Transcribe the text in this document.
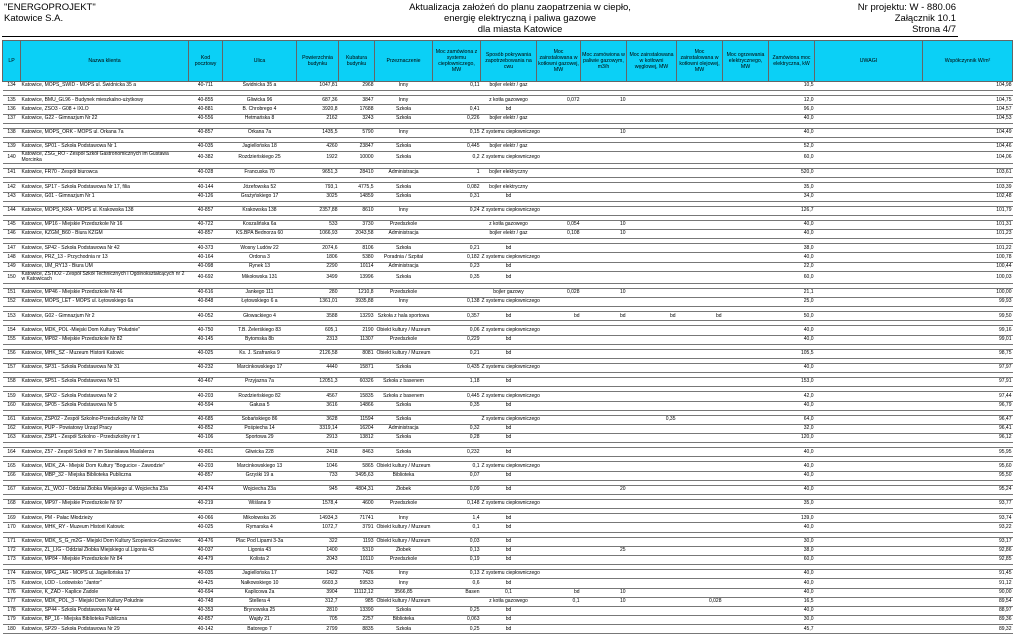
"ENERGOPROJEKT"
Katowice S.A.
Aktualizacja założeń do planu zaopatrzenia w ciepło,
energię elektryczną i paliwa gazowe
dla miasta Katowice
Nr projektu: W - 880.06
Załącznik 10.1
Strona 4/7
LP	Nazwa klienta	Kod pocztowy	Ulica	Powierzchnia budynku	Kubatura budynku	Przeznaczenie	Moc zamówiona z systemu ciepłowniczego, MW	Sposób pokrywania zapotrzebowania na cwu	Moc zainstalowana w kotłowni gazowej, MW	Moc zamówiona w paliwie gazowym, m3/h	Moc zainstalowana w kotłowni węglowej, MW	Moc zainstalowana w kotłowni olejowej, MW	Moc ogrzewania elektrycznego, MW	Zamówiona moc elektryczna, kW	UWAGI	Współczynnik W/m²
134	Katowice, MOPS_SWID - MOPS ul. Świdnicka 35 a	40-711	Świdnicka 35 a	1047,81	2968	Inny	0,11	bojler elektr / gaz						10,5		104,98

135	Katowice, BMU_GL96 - Budynek mieszkalno-użytkowy	40-855	Gliwicka 96	687,36	3847	Inny		z kotła gazowego	0,072	10				12,0		104,75
136	Katowice, ZSO3 - G08 + IXLO	40-881	B. Chrobrego 4	3920,8	17688	Szkoła	0,41	bd						96,0		104,57
137	Katowice, G22 - Gimnazjum Nr 22	40-556	Hetmańska 8	2162	3243	Szkoła	0,226	bojler elektr / gaz						40,0		104,53

138	Katowice, MOPS_ORK - MOPS ul. Orkana 7a	40-857	Orkana 7a	1435,5	5790	Inny	0,15	Z systemu ciepłowniczego		10				40,0		104,49

139	Katowice, SP01 - Szkoła Podstawowa Nr 1	40-035	Jagiellońska 18	4260	23847	Szkoła	0,445	bojler elektr / gaz						52,0		104,46
140	Katowice, ZSG_RO - Zespół Szkół Gastronomicznych im Gustawa Morcinka	40-382	Rozdzieńskiego 25	1922	10000	Szkoła	0,2	Z systemu ciepłowniczego						60,0		104,06

141	Katowice, FR70 - Zespół biurowca	40-028	Francuska 70	9651,3	28410	Administracja	1	bojler elektryczny						520,0		103,61

142	Katowice, SP17 - Szkoła Podstawowa Nr 17, filia	40-144	Józefowska 52	793,1	4775,5	Szkoła	0,082	bojler elektryczny						35,0		103,39
143	Katowice, G01 - Gimnazjum Nr 1	40-126	Grażyńskiego 17	3025	14859	Szkoła	0,31	bd						34,0		102,48

144	Katowice, MOPS_KRA - MOPS ul. Krakowska 138	40-857	Krakowska 138	2357,88	8610	Inny	0,24	Z systemu ciepłowniczego						126,7		101,79

145	Katowice, MP16 - Miejskie Przedszkole Nr 16	40-722	Koszalińska 6a	533	3730	Przedszkole		z kotła gazowego	0,054	10				40,0		101,31
146	Katowice, KZGM_B60 - Biura KZGM	40-857	KS.BPA Bednorza 60	1066,93	2043,58	Administracja		bojler elektr / gaz	0,108	10				40,0		101,23

147	Katowice, SP42 - Szkoła Podstawowa Nr 42	40-373	Wosny Ludów 22	2074,6	8106	Szkoła	0,21	bd						38,0		101,22
148	Katowice, PRZ_13 - Przychodnia nr 13	40-164	Ordona 3	1806	5380	Poradnia / Szpital	0,182	Z systemu ciepłowniczego						40,0		100,78
149	Katowice, UM_RY13 - Biura UM	40-098	Rynek 13	2290	10114	Administracja	0,23	bd						22,0		100,44
150	Katowice, ZSTiO2 - Zespół Szkół Technicznych i Ogólnokształcących nr 2 w Katowicach	40-692	Mikołowska 131	3499	13996	Szkoła	0,35	bd						60,0		100,03

151	Katowice, MP46 - Miejskie Przedszkole Nr 46	40-616	Jankego 111	280	1210,8	Przedszkole		bojler gazowy	0,028	10				21,1		100,00
152	Katowice, MOPS_LET - MOPS ul. Łętowskiego 6a	40-848	Łętowskiego 6 a	1361,01	3935,88	Inny	0,138	Z systemu ciepłowniczego						25,0		99,93

153	Katowice, G02 - Gimnazjum Nr 2	40-052	Głowackiego 4	3588	13293	Szkoła z hala sportowa	0,357	bd	bd	bd	bd	bd		50,0		99,50

154	Katowice, MDK_POL -Miejski Dom Kultury "Południe"	40-750	T.B. Żelerśkiego 83	605,1	2190	Obiekt kultury / Muzeum	0,06	Z systemu ciepłowniczego						40,0		99,16
155	Katowice, MP82 - Miejskie Przedszkole Nr 82	40-145	Bytomska 8b	2313	11307	Przedszkole	0,229	bd						40,0		99,01

156	Katowice, MHK_SZ - Muzeum Historii Katowic	40-025	Ks. J. Szafranka 9	2126,58	8081	Obiekt kultury / Muzeum	0,21	bd						105,5		98,75

157	Katowice, SP31 - Szkoła Podstawowa Nr 31	40-232	Marcinkowskiego 17	4440	15871	Szkoła	0,435	Z systemu ciepłowniczego						40,0		97,97

158	Katowice, SP51 - Szkoła Podstawowa Nr 51	40-467	Przyjazna 7a	12051,3	60326	Szkoła z basenem	1,18	bd						153,0		97,91

159	Katowice, SP02 - Szkoła Podstawowa Nr 2	40-203	Rozdzieńskiego 82	4567	15835	Szkoła z basenem	0,445	Z systemu ciepłowniczego						42,0		97,44
160	Katowice, SP05 - Szkoła Podstawowa Nr 5	40-594	Gałusa 5	3616	14866	Szkoła	0,35	bd						40,0		96,79

161	Katowice, ZSP02 - Zespół Szkolno-Przedszkolny Nr 02	40-685	Sobańskiego 86	3628	11594	Szkoła		Z systemu ciepłowniczego			0,35			64,0		96,47
162	Katowice, PUP - Powiatowy Urząd Pracy	40-852	Pośpiecha 14	3319,14	16204	Administracja	0,32	bd						32,0		96,41
163	Katowice, ZSP1 - Zespół Szkolno - Przedszkolny nr 1	40-106	Sportowa 29	2913	13812	Szkoła	0,28	bd						120,0		96,12

164	Katowice, Z57 - Zespół Szkół nr 7 im Stanisława Maslalerza	40-861	Gliwicka 228	2418	8463	Szkoła	0,232	bd						40,0		95,95

165	Katowice, MDK_ZA - Miejski Dom Kultury "Bogucice - Zawodzie"	40-203	Marcinkowskiego 13	1046	5865	Obiekt kultury / Muzeum	0,1	Z systemu ciepłowniczego						40,0		95,60
166	Katowice, MBP_32 - Miejska Biblioteka Publiczna	40-857	Grzyśki 19 a	733	3495,63	Biblioteka	0,07	bd						40,0		95,50

167	Katowice, ZL_WOJ - Oddział Żłobka Miejskiego ul. Wojciecha 23a	40-474	Wojciecha 23a	945	4804,31	Żłobek	0,09	bd		20				40,0		95,24

168	Katowice, MP97 - Miejskie Przedszkole Nr 97	40-219	Wiślana 9	1578,4	4600	Przedszkole	0,148	Z systemu ciepłowniczego						35,0		93,77

169	Katowice, PM - Pałac Młodzieży	40-066	Mikołowska 26	14934,3	71741	Inny	1,4	bd						139,0		93,74
170	Katowice, MHK_RY - Muzeum Historii Katowic	40-025	Rymarska 4	1072,7	3791	Obiekt kultury / Muzeum	0,1	bd						40,0		93,22

171	Katowice, MDK_S_G_m2G - Miejski Dom Kultury Szopienice-Giszowiec	40-476	Plac Pod Lipami 3-3a	322	1193	Obiekt kultury / Muzeum	0,03	bd						30,0		93,17
172	Katowice, ZL_LIG - Oddział Żłobka Miejskiego ul.Ligonia 43	40-037	Ligonia 43	1400	5310	Żłobek	0,13	bd		25				38,0		92,86
173	Katowice, MP84 - Miejskie Przedszkole Nr 84	40-479	Kolista 2	2043	10110	Przedszkole	0,19	bd						60,0		92,85

174	Katowice, MPG_JAG - MOPS ul. Jagiellońska 17	40-035	Jagiellońska 17	1422	7426	Inny	0,13	Z systemu ciepłowniczego						40,0		91,45
175	Katowice, LOD - Lodowisko "Jantor"	40-425	Nałkowskiego 10	6603,3	59533	Inny	0,6	bd						40,0		91,12
176	Katowice, K_ZAD - Kaplice Zadole	40-694	Kaplicowa 2a	3904	11112,12	3566,85	Basen	0,1	bd	10				40,0		90,00
177	Katowice, MDK_POL_3 - Miejski Dom Kultury Południe	40-748	Stellera 4	312,7	985	Obiekt kultury / Muzeum		z kotła gazowego	0,1	10		0,028		16,5		89,54
178	Katowice, SP44 - Szkoła Podstawowa Nr 44	40-353	Brynowska 25	2810	13390	Szkoła	0,25	bd						40,0		88,97
179	Katowice, BP_16 - Miejska Biblioteka Publiczna	40-857	Wajdy 21	705	2257	Biblioteka	0,063	bd						30,0		89,36
180	Katowice, SP29 - Szkoła Podstawowa Nr 29	40-142	Batorego 7	2799	8835	Szkoła	0,25	bd						45,7		89,32
